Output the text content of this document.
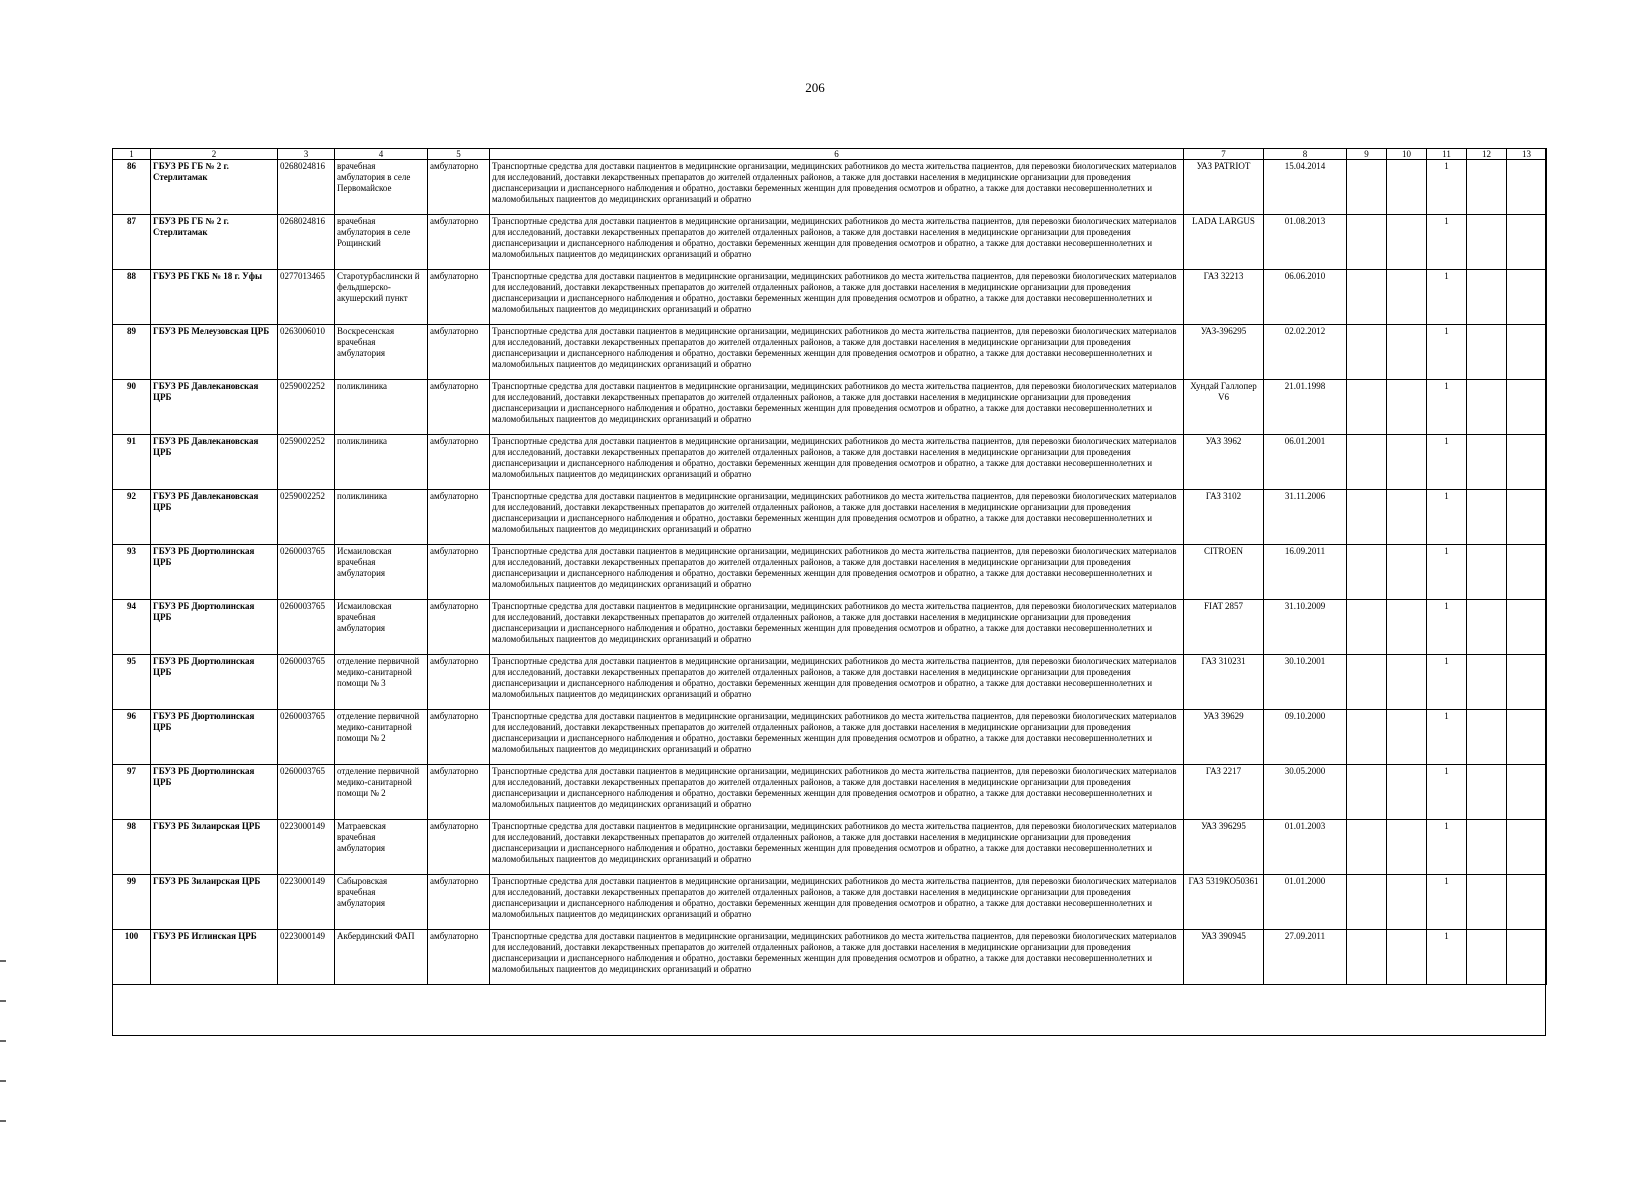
206
1	2	3	4	5	6	7	8	9	10	11	12	13
86	ГБУЗ РБ ГБ № 2 г. Стерлитамак	0268024816	врачебная амбулатория в селе Первомайское	амбулаторно	Транспортные средства для доставки пациентов в медицинские организации, медицинских работников до места жительства пациентов, для перевозки биологических материалов для исследований, доставки лекарственных препаратов до жителей отдаленных районов, а также для доставки населения в медицинские организации для проведения диспансеризации и диспансерного наблюдения и обратно, доставки беременных женщин для проведения осмотров и обратно, а также для доставки несовершеннолетних и маломобильных пациентов до медицинских организаций и обратно	УАЗ PATRIOT	15.04.2014			1		
87	ГБУЗ РБ ГБ № 2 г. Стерлитамак	0268024816	врачебная амбулатория в селе Рощинский	амбулаторно	Транспортные средства для доставки пациентов в медицинские организации, медицинских работников до места жительства пациентов, для перевозки биологических материалов для исследований, доставки лекарственных препаратов до жителей отдаленных районов, а также для доставки населения в медицинские организации для проведения диспансеризации и диспансерного наблюдения и обратно, доставки беременных женщин для проведения осмотров и обратно, а также для доставки несовершеннолетних и маломобильных пациентов до медицинских организаций и обратно	LADA LARGUS	01.08.2013			1		
88	ГБУЗ РБ ГКБ № 18 г. Уфы	0277013465	Старотурбаслински й фельдшерско-акушерский пункт	амбулаторно	Транспортные средства для доставки пациентов в медицинские организации, медицинских работников до места жительства пациентов, для перевозки биологических материалов для исследований, доставки лекарственных препаратов до жителей отдаленных районов, а также для доставки населения в медицинские организации для проведения диспансеризации и диспансерного наблюдения и обратно, доставки беременных женщин для проведения осмотров и обратно, а также для доставки несовершеннолетних и маломобильных пациентов до медицинских организаций и обратно	ГАЗ 32213	06.06.2010			1		
89	ГБУЗ РБ Мелеузовская ЦРБ	0263006010	Воскресенская врачебная амбулатория	амбулаторно	Транспортные средства для доставки пациентов в медицинские организации, медицинских работников до места жительства пациентов, для перевозки биологических материалов для исследований, доставки лекарственных препаратов до жителей отдаленных районов, а также для доставки населения в медицинские организации для проведения диспансеризации и диспансерного наблюдения и обратно, доставки беременных женщин для проведения осмотров и обратно, а также для доставки несовершеннолетних и маломобильных пациентов до медицинских организаций и обратно	УАЗ-396295	02.02.2012			1		
90	ГБУЗ РБ Давлекановская ЦРБ	0259002252	поликлиника	амбулаторно	Транспортные средства для доставки пациентов в медицинские организации, медицинских работников до места жительства пациентов, для перевозки биологических материалов для исследований, доставки лекарственных препаратов до жителей отдаленных районов, а также для доставки населения в медицинские организации для проведения диспансеризации и диспансерного наблюдения и обратно, доставки беременных женщин для проведения осмотров и обратно, а также для доставки несовершеннолетних и маломобильных пациентов до медицинских организаций и обратно	Хундай Галлопер V6	21.01.1998			1		
91	ГБУЗ РБ Давлекановская ЦРБ	0259002252	поликлиника	амбулаторно	Транспортные средства для доставки пациентов в медицинские организации, медицинских работников до места жительства пациентов, для перевозки биологических материалов для исследований, доставки лекарственных препаратов до жителей отдаленных районов, а также для доставки населения в медицинские организации для проведения диспансеризации и диспансерного наблюдения и обратно, доставки беременных женщин для проведения осмотров и обратно, а также для доставки несовершеннолетних и маломобильных пациентов до медицинских организаций и обратно	УАЗ 3962	06.01.2001			1		
92	ГБУЗ РБ Давлекановская ЦРБ	0259002252	поликлиника	амбулаторно	Транспортные средства для доставки пациентов в медицинские организации, медицинских работников до места жительства пациентов, для перевозки биологических материалов для исследований, доставки лекарственных препаратов до жителей отдаленных районов, а также для доставки населения в медицинские организации для проведения диспансеризации и диспансерного наблюдения и обратно, доставки беременных женщин для проведения осмотров и обратно, а также для доставки несовершеннолетних и маломобильных пациентов до медицинских организаций и обратно	ГАЗ 3102	31.11.2006			1		
93	ГБУЗ РБ Дюртюлинская ЦРБ	0260003765	Исмаиловская врачебная амбулатория	амбулаторно	Транспортные средства для доставки пациентов в медицинские организации, медицинских работников до места жительства пациентов, для перевозки биологических материалов для исследований, доставки лекарственных препаратов до жителей отдаленных районов, а также для доставки населения в медицинские организации для проведения диспансеризации и диспансерного наблюдения и обратно, доставки беременных женщин для проведения осмотров и обратно, а также для доставки несовершеннолетних и маломобильных пациентов до медицинских организаций и обратно	CITROEN	16.09.2011			1		
94	ГБУЗ РБ Дюртюлинская ЦРБ	0260003765	Исмаиловская врачебная амбулатория	амбулаторно	Транспортные средства для доставки пациентов в медицинские организации, медицинских работников до места жительства пациентов, для перевозки биологических материалов для исследований, доставки лекарственных препаратов до жителей отдаленных районов, а также для доставки населения в медицинские организации для проведения диспансеризации и диспансерного наблюдения и обратно, доставки беременных женщин для проведения осмотров и обратно, а также для доставки несовершеннолетних и маломобильных пациентов до медицинских организаций и обратно	FIAT 2857	31.10.2009			1		
95	ГБУЗ РБ Дюртюлинская ЦРБ	0260003765	отделение первичной медико-санитарной помощи № 3	амбулаторно	Транспортные средства для доставки пациентов в медицинские организации, медицинских работников до места жительства пациентов, для перевозки биологических материалов для исследований, доставки лекарственных препаратов до жителей отдаленных районов, а также для доставки населения в медицинские организации для проведения диспансеризации и диспансерного наблюдения и обратно, доставки беременных женщин для проведения осмотров и обратно, а также для доставки несовершеннолетних и маломобильных пациентов до медицинских организаций и обратно	ГАЗ 310231	30.10.2001			1		
96	ГБУЗ РБ Дюртюлинская ЦРБ	0260003765	отделение первичной медико-санитарной помощи № 2	амбулаторно	Транспортные средства для доставки пациентов в медицинские организации, медицинских работников до места жительства пациентов, для перевозки биологических материалов для исследований, доставки лекарственных препаратов до жителей отдаленных районов, а также для доставки населения в медицинские организации для проведения диспансеризации и диспансерного наблюдения и обратно, доставки беременных женщин для проведения осмотров и обратно, а также для доставки несовершеннолетних и маломобильных пациентов до медицинских организаций и обратно	УАЗ 39629	09.10.2000			1		
97	ГБУЗ РБ Дюртюлинская ЦРБ	0260003765	отделение первичной медико-санитарной помощи № 2	амбулаторно	Транспортные средства для доставки пациентов в медицинские организации, медицинских работников до места жительства пациентов, для перевозки биологических материалов для исследований, доставки лекарственных препаратов до жителей отдаленных районов, а также для доставки населения в медицинские организации для проведения диспансеризации и диспансерного наблюдения и обратно, доставки беременных женщин для проведения осмотров и обратно, а также для доставки несовершеннолетних и маломобильных пациентов до медицинских организаций и обратно	ГАЗ 2217	30.05.2000			1		
98	ГБУЗ РБ Зилаирская ЦРБ	0223000149	Матраевская врачебная амбулатория	амбулаторно	Транспортные средства для доставки пациентов в медицинские организации, медицинских работников до места жительства пациентов, для перевозки биологических материалов для исследований, доставки лекарственных препаратов до жителей отдаленных районов, а также для доставки населения в медицинские организации для проведения диспансеризации и диспансерного наблюдения и обратно, доставки беременных женщин для проведения осмотров и обратно, а также для доставки несовершеннолетних и маломобильных пациентов до медицинских организаций и обратно	УАЗ 396295	01.01.2003			1		
99	ГБУЗ РБ Зилаирская ЦРБ	0223000149	Сабыровская врачебная амбулатория	амбулаторно	Транспортные средства для доставки пациентов в медицинские организации, медицинских работников до места жительства пациентов, для перевозки биологических материалов для исследований, доставки лекарственных препаратов до жителей отдаленных районов, а также для доставки населения в медицинские организации для проведения диспансеризации и диспансерного наблюдения и обратно, доставки беременных женщин для проведения осмотров и обратно, а также для доставки несовершеннолетних и маломобильных пациентов до медицинских организаций и обратно	ГАЗ 5319КО50361	01.01.2000			1		
100	ГБУЗ РБ Иглинская ЦРБ	0223000149	Акбердинский ФАП	амбулаторно	Транспортные средства для доставки пациентов в медицинские организации, медицинских работников до места жительства пациентов, для перевозки биологических материалов для исследований, доставки лекарственных препаратов до жителей отдаленных районов, а также для доставки населения в медицинские организации для проведения диспансеризации и диспансерного наблюдения и обратно, доставки беременных женщин для проведения осмотров и обратно, а также для доставки несовершеннолетних и маломобильных пациентов до медицинских организаций и обратно	УАЗ 390945	27.09.2011			1		
